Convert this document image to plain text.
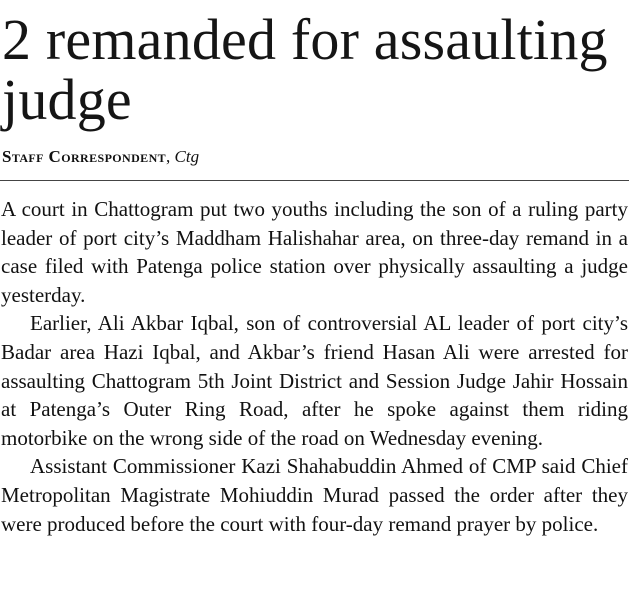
2 remanded for assaulting judge

Staff Correspondent, Ctg

A court in Chattogram put two youths including the son of a ruling party leader of port city’s Maddham Halishahar area, on three-day remand in a case filed with Patenga police station over physically assaulting a judge yesterday.

Earlier, Ali Akbar Iqbal, son of controversial AL leader of port city’s Badar area Hazi Iqbal, and Akbar’s friend Hasan Ali were arrested for assaulting Chattogram 5th Joint District and Session Judge Jahir Hossain at Patenga’s Outer Ring Road, after he spoke against them riding motorbike on the wrong side of the road on Wednesday evening.

Assistant Commissioner Kazi Shahabuddin Ahmed of CMP said Chief Metropolitan Magistrate Mohiuddin Murad passed the order after they were produced before the court with four-day remand prayer by police.
